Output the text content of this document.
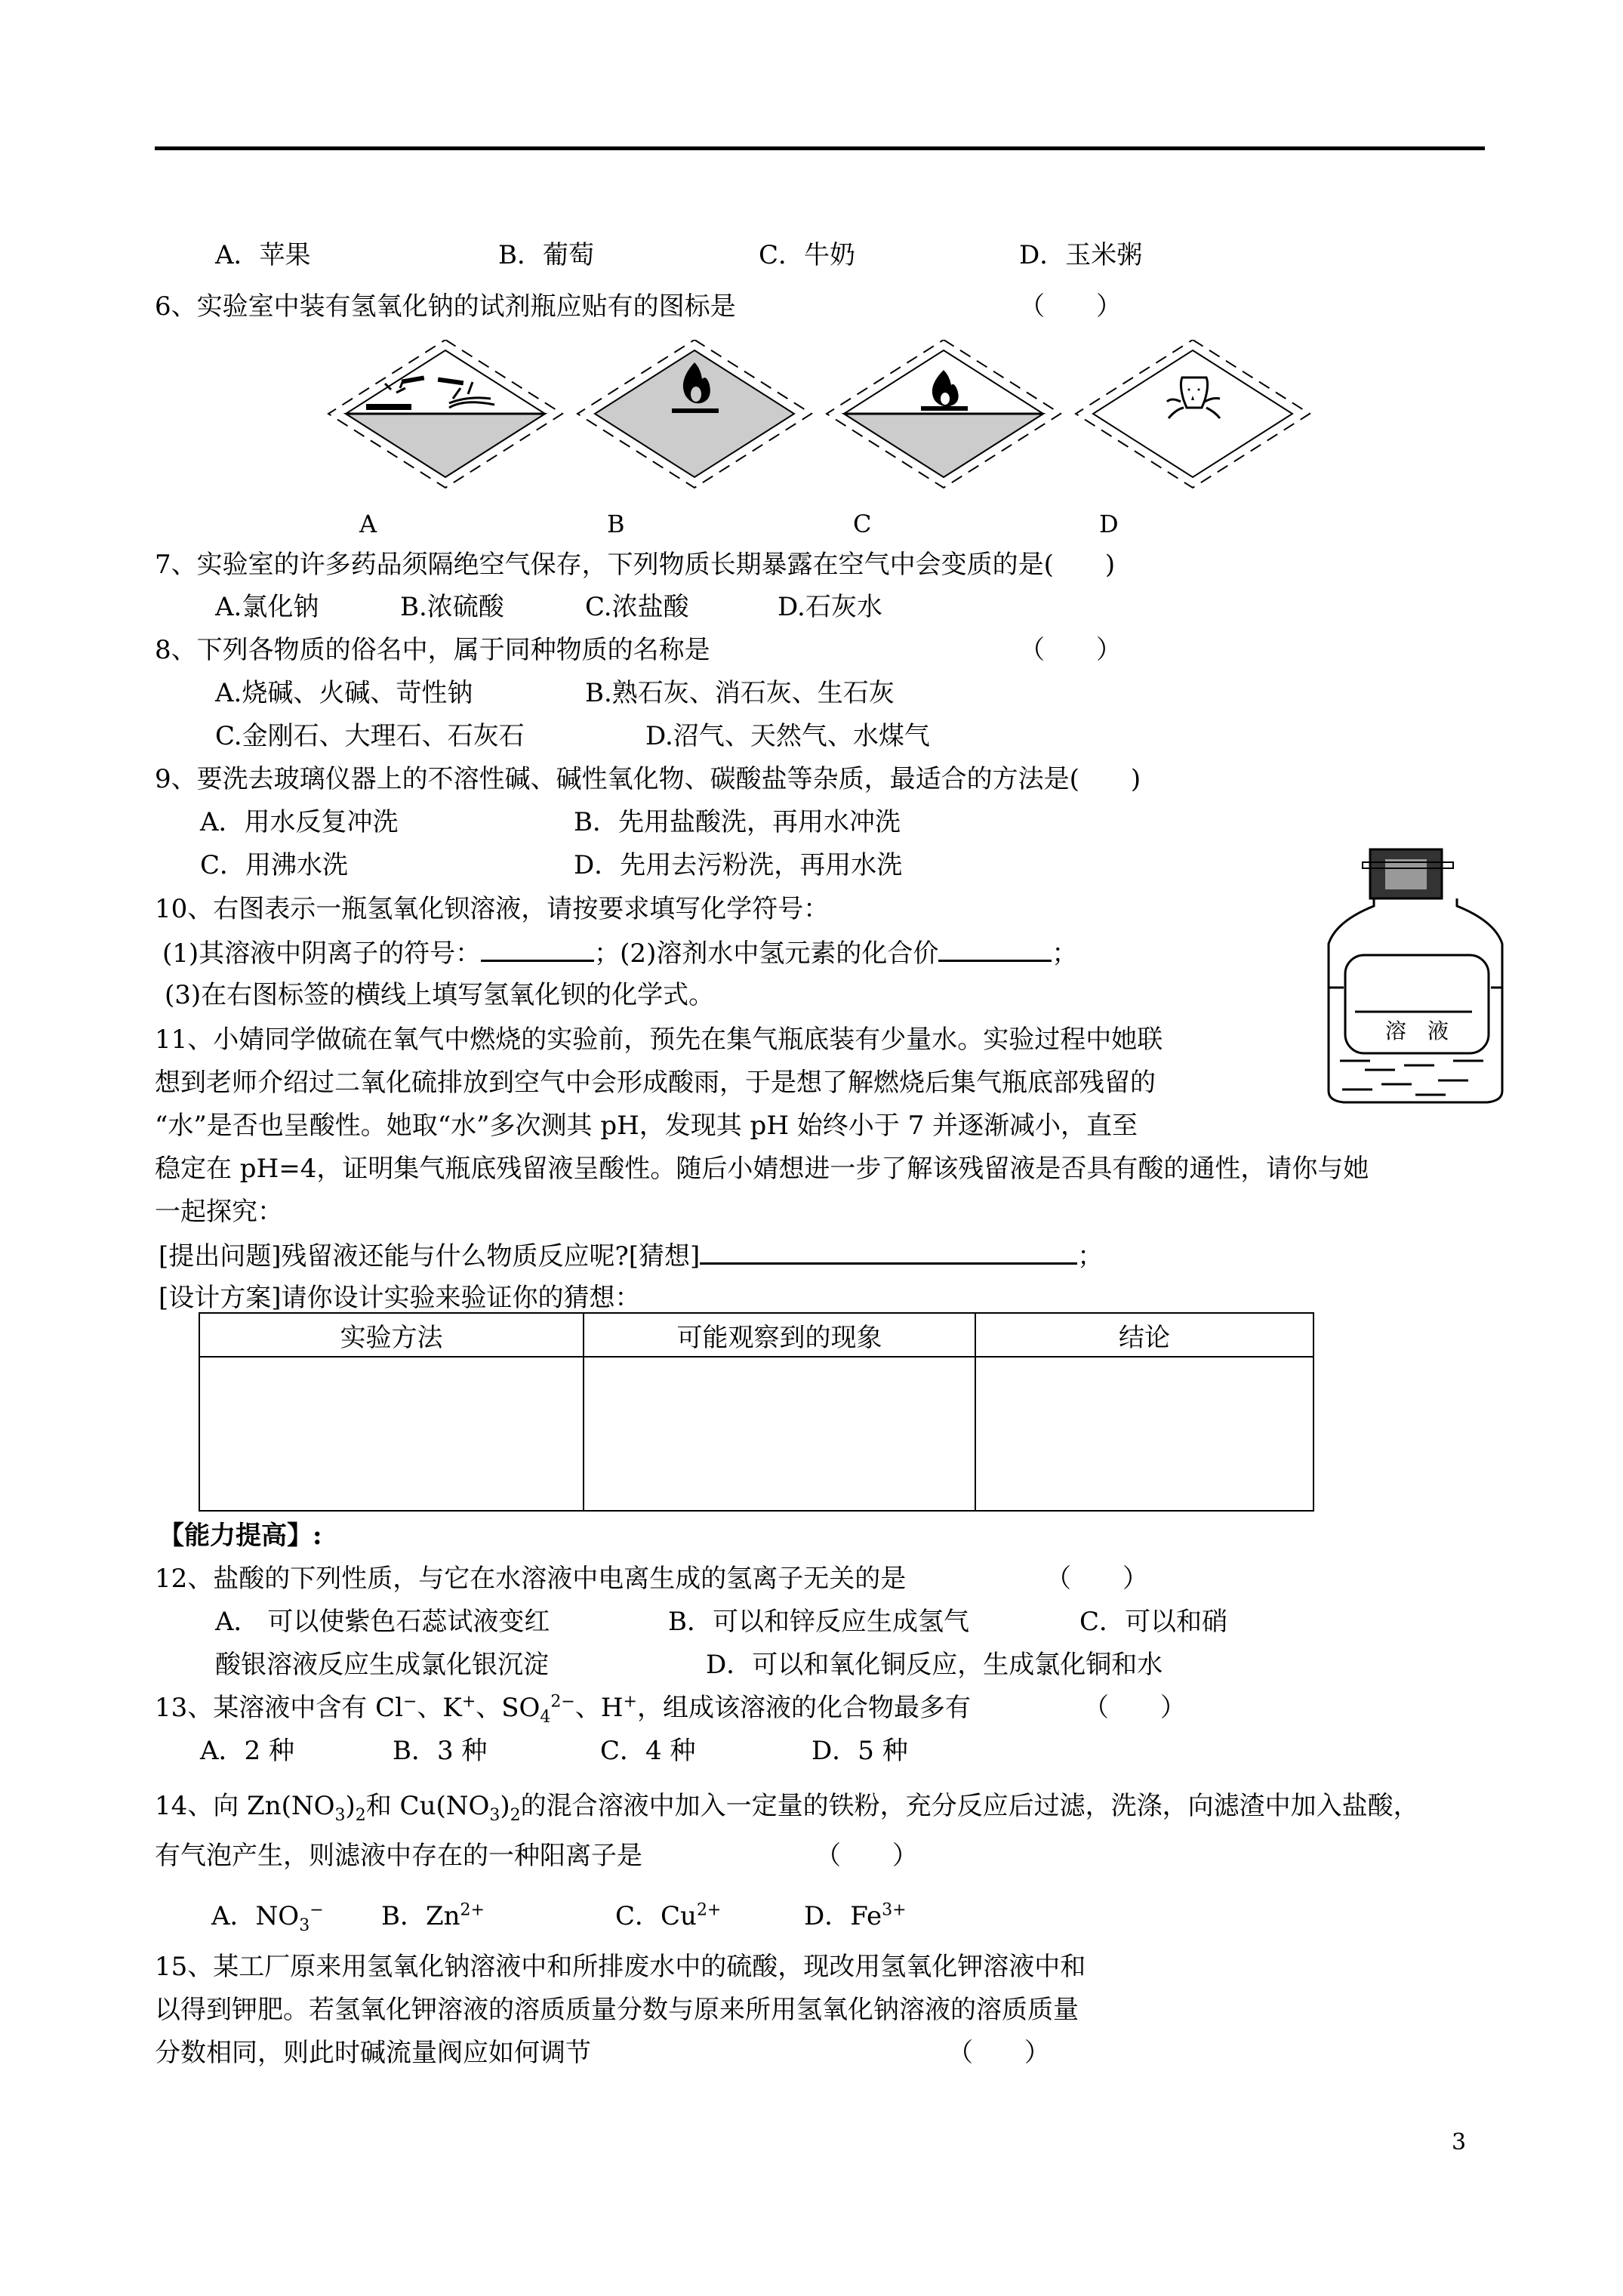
A．苹果	B．葡萄	C．牛奶	D．玉米粥
6、实验室中装有氢氧化钠的试剂瓶应贴有的图标是	（　　）
A	B	C	D
7、实验室的许多药品须隔绝空气保存，下列物质长期暴露在空气中会变质的是(　　)
A.氯化钠	B.浓硫酸	C.浓盐酸	D.石灰水
8、下列各物质的俗名中，属于同种物质的名称是	（　　）
A.烧碱、火碱、苛性钠	B.熟石灰、消石灰、生石灰
C.金刚石、大理石、石灰石	D.沼气、天然气、水煤气
9、要洗去玻璃仪器上的不溶性碱、碱性氧化物、碳酸盐等杂质，最适合的方法是(　　)
A．用水反复冲洗	B．先用盐酸洗，再用水冲洗
C．用沸水洗	D．先用去污粉洗，再用水洗
10、右图表示一瓶氢氧化钡溶液，请按要求填写化学符号：
(1)其溶液中阴离子的符号：	；(2)溶剂水中氢元素的化合价	；
(3)在右图标签的横线上填写氢氧化钡的化学式。
溶　液
11、小婧同学做硫在氧气中燃烧的实验前，预先在集气瓶底装有少量水。实验过程中她联
想到老师介绍过二氧化硫排放到空气中会形成酸雨，于是想了解燃烧后集气瓶底部残留的
“水”是否也呈酸性。她取“水”多次测其 pH，发现其 pH 始终小于 7 并逐渐减小，直至
稳定在 pH=4，证明集气瓶底残留液呈酸性。随后小婧想进一步了解该残留液是否具有酸的通性，请你与她
一起探究：
[提出问题]残留液还能与什么物质反应呢?[猜想]	；
[设计方案]请你设计实验来验证你的猜想：
实验方法	可能观察到的现象	结论

【能力提高】:
12、盐酸的下列性质，与它在水溶液中电离生成的氢离子无关的是	（　　）
A． 可以使紫色石蕊试液变红	B．可以和锌反应生成氢气	C．可以和硝
酸银溶液反应生成氯化银沉淀	D．可以和氧化铜反应，生成氯化铜和水
13、某溶液中含有 Cl−、K+、$SO_4^{2-}$、H+，组成该溶液的化合物最多有	（　　）
A．2 种	B．3 种	C．4 种	D．5 种
14、向 $Zn(NO_3)_2$和 $Cu(NO_3)_2$的混合溶液中加入一定量的铁粉，充分反应后过滤，洗涤，向滤渣中加入盐酸，
有气泡产生，则滤液中存在的一种阳离子是	（　　）
A．$NO_3^-$ B．$Zn^{2+}$	C．$Cu^{2+}$	D．$Fe^{3+}$
15、某工厂原来用氢氧化钠溶液中和所排废水中的硫酸，现改用氢氧化钾溶液中和
以得到钾肥。若氢氧化钾溶液的溶质质量分数与原来所用氢氧化钠溶液的溶质质量
分数相同，则此时碱流量阀应如何调节	（　　）
3
